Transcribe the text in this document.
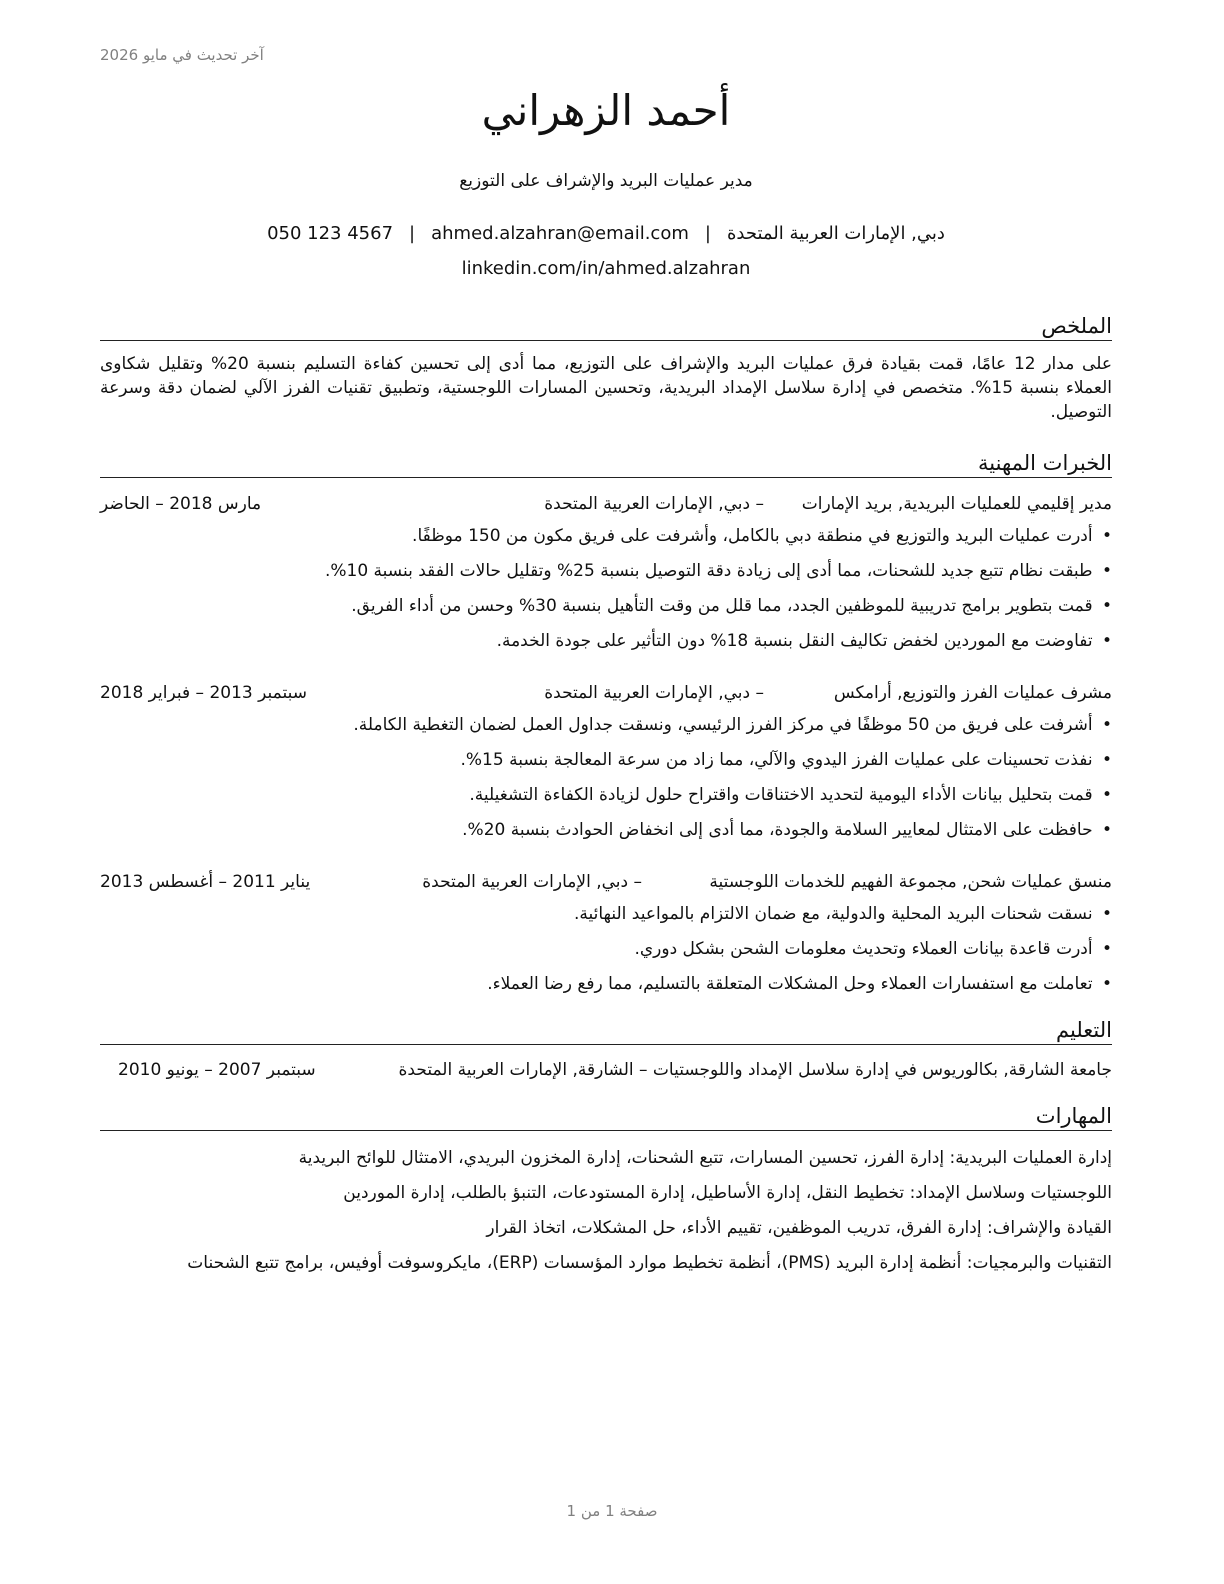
آخر تحديث في مايو 2026
أحمد الزهراني
مدير عمليات البريد والإشراف على التوزيع
دبي, الإمارات العربية المتحدة|ahmed.alzahran@email.com|050 123 4567
linkedin.com/in/ahmed.alzahran
الملخص
على مدار 12 عامًا، قمت بقيادة فرق عمليات البريد والإشراف على التوزيع، مما أدى إلى تحسين كفاءة التسليم بنسبة 20% وتقليل شكاوى العملاء بنسبة 15%. متخصص في إدارة سلاسل الإمداد البريدية، وتحسين المسارات اللوجستية، وتطبيق تقنيات الفرز الآلي لضمان دقة وسرعة التوصيل.
الخبرات المهنية
مدير إقليمي للعمليات البريدية, بريد الإمارات
– دبي, الإمارات العربية المتحدة
مارس 2018 – الحاضر
• أدرت عمليات البريد والتوزيع في منطقة دبي بالكامل، وأشرفت على فريق مكون من 150 موظفًا.
• طبقت نظام تتبع جديد للشحنات، مما أدى إلى زيادة دقة التوصيل بنسبة 25% وتقليل حالات الفقد بنسبة 10%.
• قمت بتطوير برامج تدريبية للموظفين الجدد، مما قلل من وقت التأهيل بنسبة 30% وحسن من أداء الفريق.
• تفاوضت مع الموردين لخفض تكاليف النقل بنسبة 18% دون التأثير على جودة الخدمة.
مشرف عمليات الفرز والتوزيع, أرامكس
– دبي, الإمارات العربية المتحدة
سبتمبر 2013 – فبراير 2018
• أشرفت على فريق من 50 موظفًا في مركز الفرز الرئيسي، ونسقت جداول العمل لضمان التغطية الكاملة.
• نفذت تحسينات على عمليات الفرز اليدوي والآلي، مما زاد من سرعة المعالجة بنسبة 15%.
• قمت بتحليل بيانات الأداء اليومية لتحديد الاختناقات واقتراح حلول لزيادة الكفاءة التشغيلية.
• حافظت على الامتثال لمعايير السلامة والجودة، مما أدى إلى انخفاض الحوادث بنسبة 20%.
منسق عمليات شحن, مجموعة الفهيم للخدمات اللوجستية
– دبي, الإمارات العربية المتحدة
يناير 2011 – أغسطس 2013
• نسقت شحنات البريد المحلية والدولية، مع ضمان الالتزام بالمواعيد النهائية.
• أدرت قاعدة بيانات العملاء وتحديث معلومات الشحن بشكل دوري.
• تعاملت مع استفسارات العملاء وحل المشكلات المتعلقة بالتسليم، مما رفع رضا العملاء.
التعليم
جامعة الشارقة, بكالوريوس في إدارة سلاسل الإمداد واللوجستيات – الشارقة, الإمارات العربية المتحدة
سبتمبر 2007 – يونيو 2010
المهارات
إدارة العمليات البريدية: إدارة الفرز، تحسين المسارات، تتبع الشحنات، إدارة المخزون البريدي، الامتثال للوائح البريدية
اللوجستيات وسلاسل الإمداد: تخطيط النقل، إدارة الأساطيل، إدارة المستودعات، التنبؤ بالطلب، إدارة الموردين
القيادة والإشراف: إدارة الفرق، تدريب الموظفين، تقييم الأداء، حل المشكلات، اتخاذ القرار
التقنيات والبرمجيات: أنظمة إدارة البريد (PMS)، أنظمة تخطيط موارد المؤسسات (ERP)، مايكروسوفت أوفيس، برامج تتبع الشحنات
صفحة 1 من 1
